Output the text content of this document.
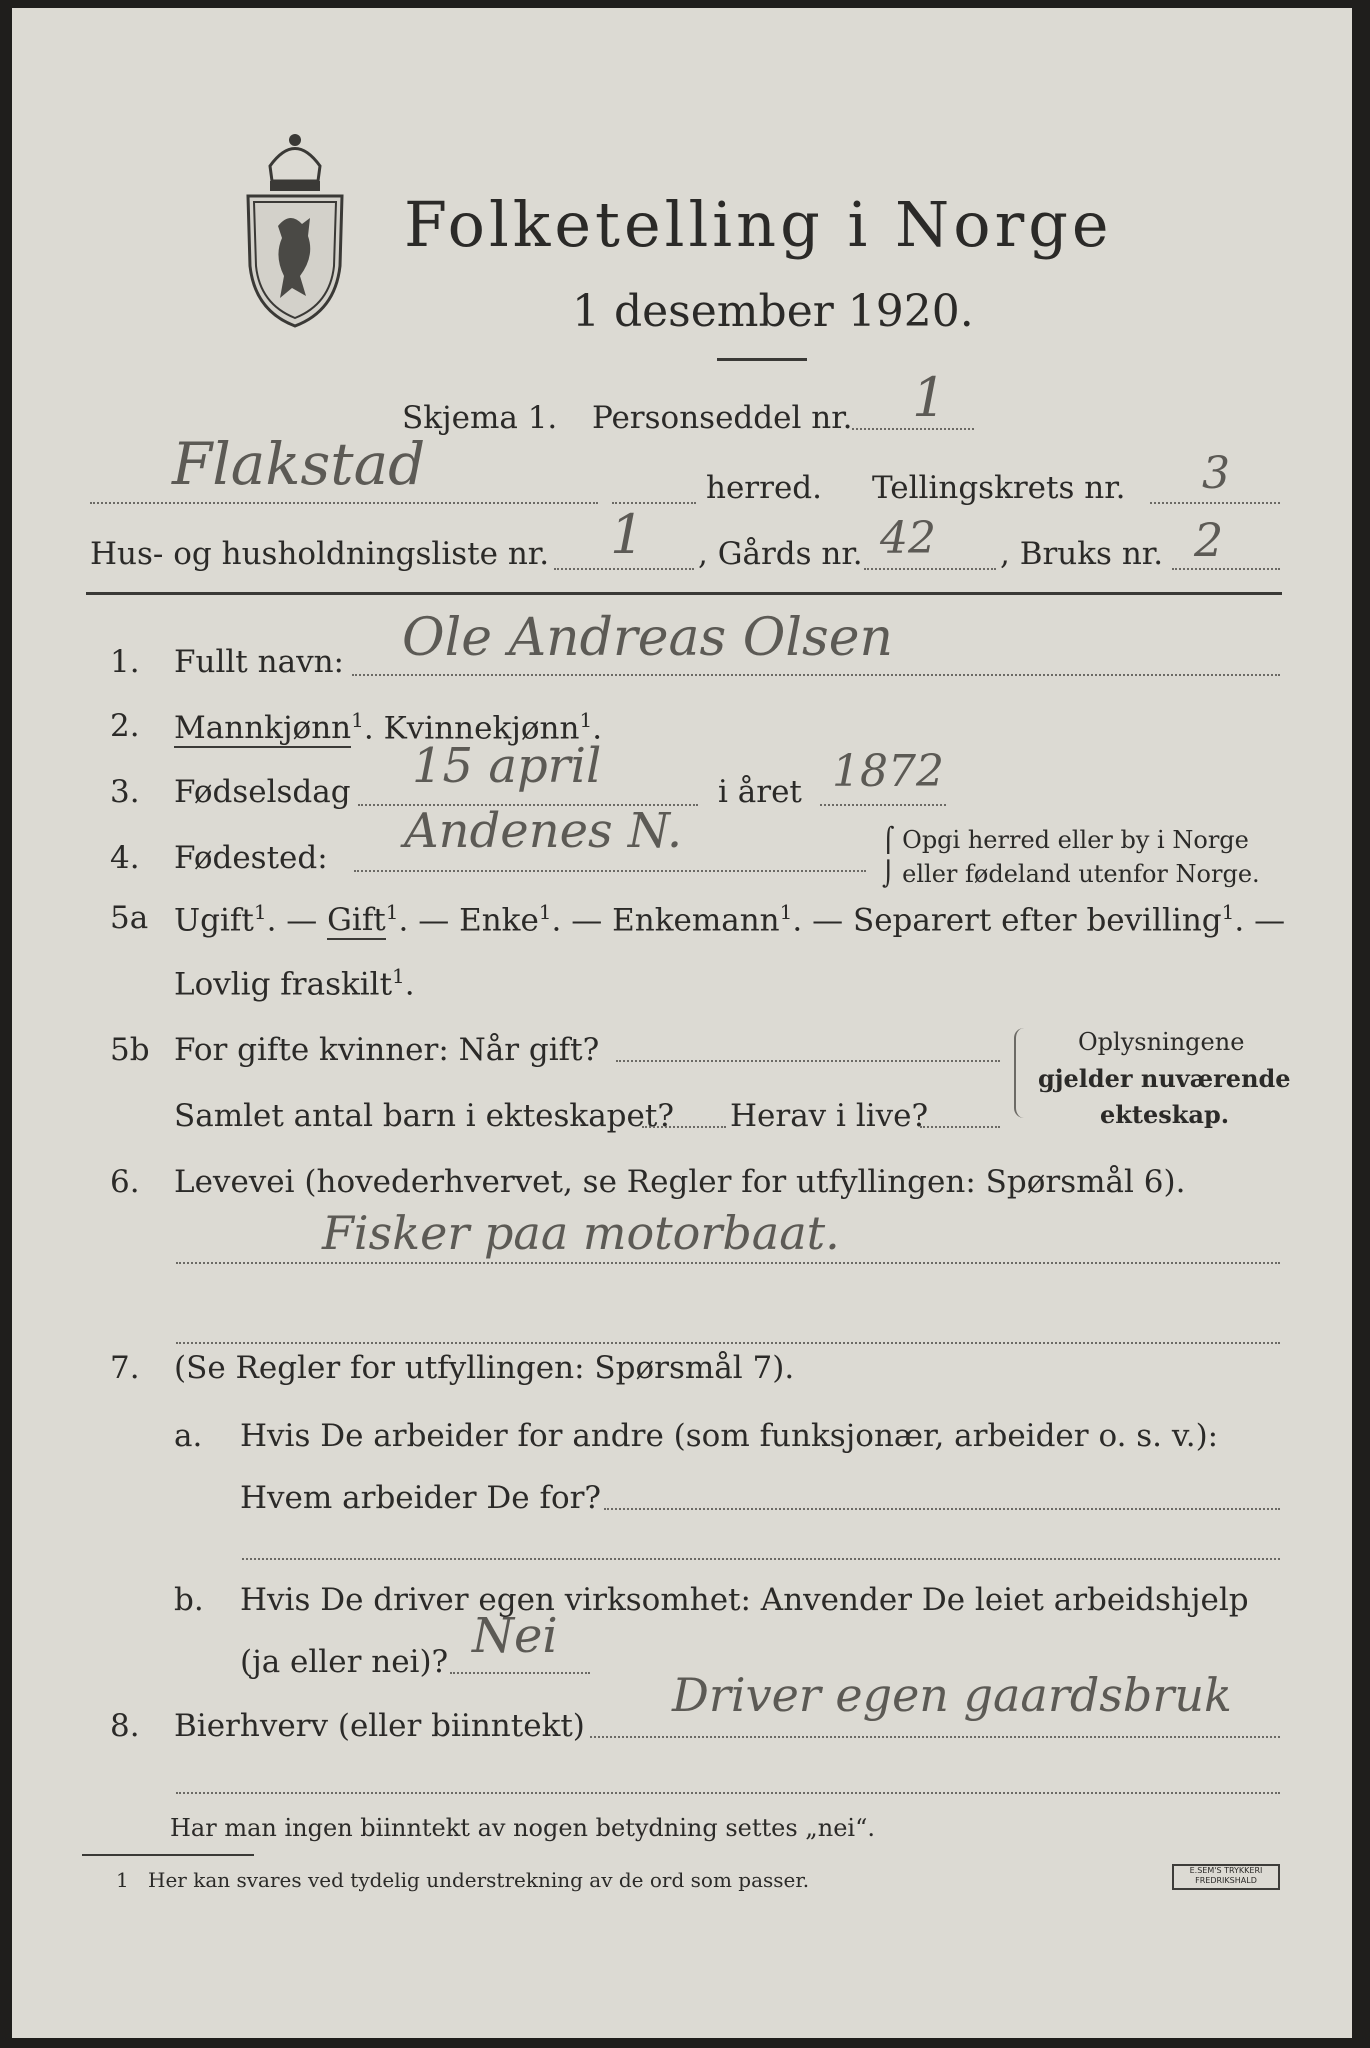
Folketelling i Norge
1 desember 1920.
Skjema 1. Personseddel nr. 1
Flakstad	herred. Tellingskrets nr. 3
Hus- og husholdningsliste nr. 1 , Gårds nr. 42 , Bruks nr. 2
1. Fullt navn: Ole Andreas Olsen
2. Mannkjønn$^1$. Kvinnekjønn$^1$.
3. Fødselsdag 15 april	i året 1872
4. Fødested: Andenes N.	⌠ Opgi herred eller by i Norge
⌡ eller fødeland utenfor Norge.
5a Ugift$^1$. — Gift$^1$. — Enke$^1$. — Enkemann$^1$. — Separert efter bevilling$^1$. —
Lovlig fraskilt$^1$.
5b For gifte kvinner: Når gift?
Samlet antal barn i ekteskapet? Herav i live?
Oplysningene
gjelder nuværende
ekteskap.
6. Levevei (hovederhvervet, se Regler for utfyllingen: Spørsmål 6).
Fisker paa motorbaat.
7. (Se Regler for utfyllingen: Spørsmål 7).
a. Hvis De arbeider for andre (som funksjonær, arbeider o. s. v.):
Hvem arbeider De for?
b. Hvis De driver egen virksomhet: Anvender De leiet arbeidshjelp
(ja eller nei)? Nei
8. Bierhverv (eller biinntekt)
Driver egen gaardsbruk
Har man ingen biinntekt av nogen betydning settes „nei“.
1 Her kan svares ved tydelig understrekning av de ord som passer.	E.SEM'S TRYKKERI FREDRIKSHALD
